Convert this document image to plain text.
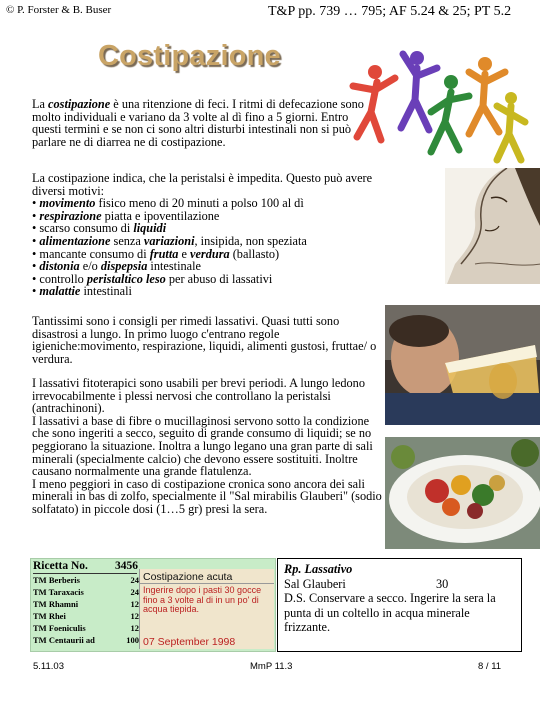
© P. Forster & B. Buser	T&P pp. 739 … 795; AF 5.24 & 25; PT 5.2
Costipazione

La costipazione è una ritenzione di feci. I ritmi di defecazione sono molto individuali e variano da 3 volte al dì fino a 5 giorni. Entro questi termini e se non ci sono altri disturbi intestinali non si può parlare ne di diarrea ne di costipazione.

La costipazione indica, che la peristalsi è impedita. Questo può avere diversi motivi:
• movimento fisico meno di 20 minuti a polso 100 al dì
• respirazione piatta e ipoventilazione
• scarso consumo di liquidi
• alimentazione senza variazioni, insipida, non speziata
• mancante consumo di frutta e verdura (ballasto)
• distonia e/o dispepsia intestinale
• controllo peristaltico leso per abuso di lassativi
• malattie intestinali

Tantissimi sono i consigli per rimedi lassativi. Quasi tutti sono disastrosi a lungo. In primo luogo c'entrano regole igieniche:movimento, respirazione, liquidi, alimenti gustosi, fruttae/ o verdura.

I lassativi fitoterapici sono usabili per brevi periodi. A lungo ledono irrevocabilmente i plessi nervosi che controllano la peristalsi (antrachinoni).
I lassativi a base di fibre o mucillaginosi servono sotto la condizione che sono ingeriti a secco, seguito di grande consumo di liquidi; se no peggiorano la situazione. Inoltra a lungo legano una gran parte di sali minerali (specialmente calcio) che devono essere sostituiti. Inoltre causano normalmente una grande flatulenza.
I meno peggiori in caso di costipazione cronica sono ancora dei sali minerali in bas di zolfo, specialmente il "Sal mirabilis Glauberi" (sodio solfatato) in piccole dosi (1…5 gr) presi la sera.
Ricetta No. 3456
TM Berberis	24
TM Taraxacis	24
TM Rhamni	12
TM Rhei	12
TM Foeniculis	12
TM Centaurii ad	100
Costipazione acuta
Ingerire dopo i pasti 30 gocce fino a 3 volte al di in un po' di acqua tiepida.
07 September 1998
Rp. Lassativo
Sal Glauberi	30
D.S. Conservare a secco. Ingerire la sera la punta di un coltello in acqua minerale frizzante.
5.11.03	MmP 11.3	8 / 11
